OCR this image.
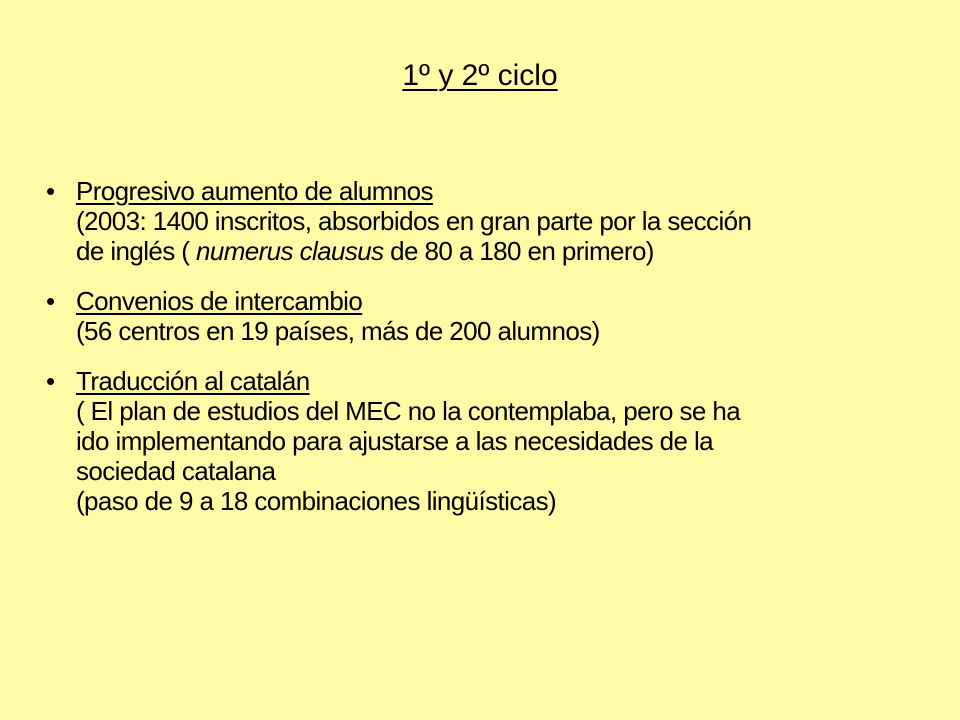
1º y 2º ciclo
• Progresivo aumento de alumnos
(2003: 1400 inscritos, absorbidos en gran parte por la sección
de inglés ( numerus clausus de 80 a 180 en primero)
• Convenios de intercambio
(56 centros en 19 países, más de 200 alumnos)
• Traducción al catalán
( El plan de estudios del MEC no la contemplaba, pero se ha
ido implementando para ajustarse a las necesidades de la
sociedad catalana
(paso de 9 a 18 combinaciones lingüísticas)
